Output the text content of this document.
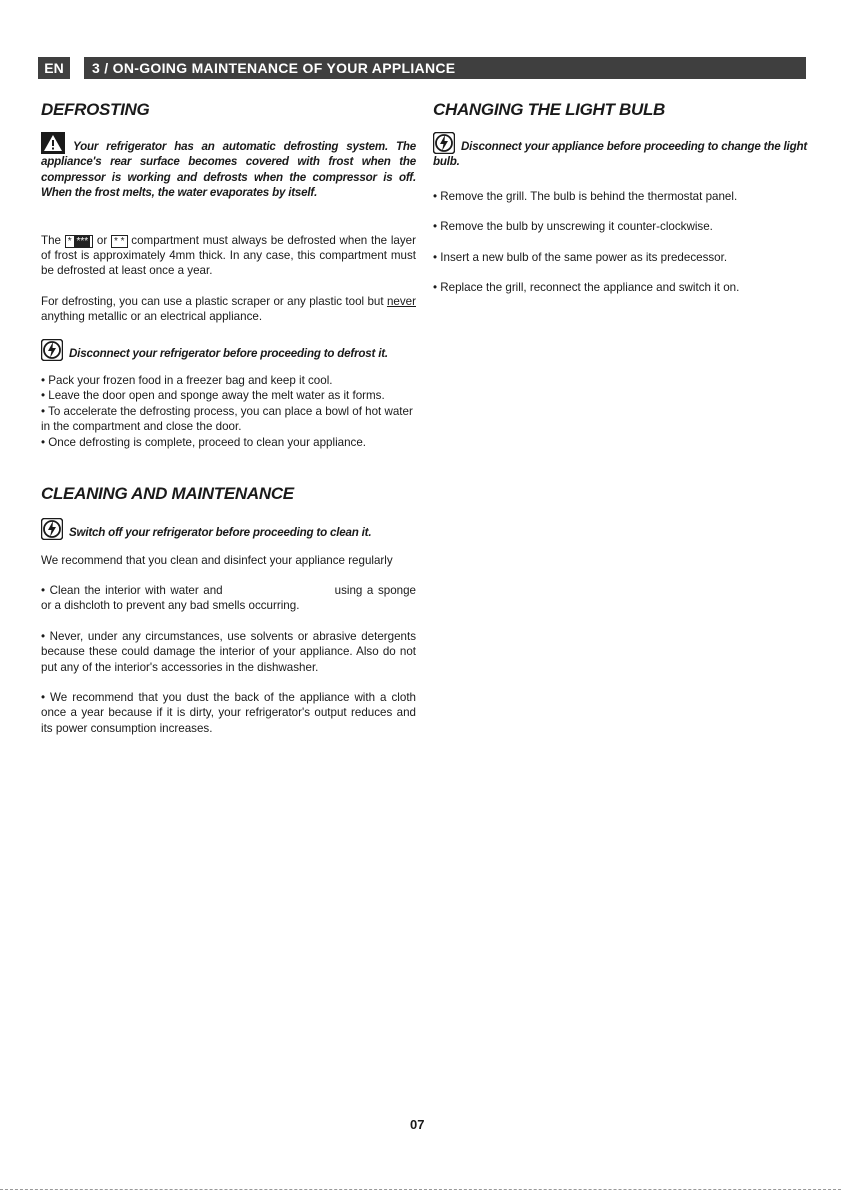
EN	3 / ON-GOING MAINTENANCE OF YOUR APPLIANCE
DEFROSTING

Your refrigerator has an automatic defrosting system. The appliance's rear surface becomes covered with frost when the compressor is working and defrosts when the compressor is off. When the frost melts, the water evaporates by itself.

The * *** or * * compartment must always be defrosted when the layer of frost is approximately 4mm thick. In any case, this compartment must be defrosted at least once a year.

For defrosting, you can use a plastic scraper or any plastic tool but never anything metallic or an electrical appliance.

Disconnect your refrigerator before proceeding to defrost it.

• Pack your frozen food in a freezer bag and keep it cool.
• Leave the door open and sponge away the melt water as it forms.
• To accelerate the defrosting process, you can place a bowl of hot water in the compartment and close the door.
• Once defrosting is complete, proceed to clean your appliance.
CLEANING AND MAINTENANCE

Switch off your refrigerator before proceeding to clean it.

We recommend that you clean and disinfect your appliance regularly

• Clean the interior with water and	using a sponge or a dishcloth to prevent any bad smells occurring.

• Never, under any circumstances, use solvents or abrasive detergents because these could damage the interior of your appliance. Also do not put any of the interior's accessories in the dishwasher.

• We recommend that you dust the back of the appliance with a cloth once a year because if it is dirty, your refrigerator's output reduces and its power consumption increases.

CHANGING THE LIGHT BULB

Disconnect your appliance before proceeding to change the light bulb.

• Remove the grill. The bulb is behind the thermostat panel.

• Remove the bulb by unscrewing it counter-clockwise.

• Insert a new bulb of the same power as its predecessor.

• Replace the grill, reconnect the appliance and switch it on.

07
